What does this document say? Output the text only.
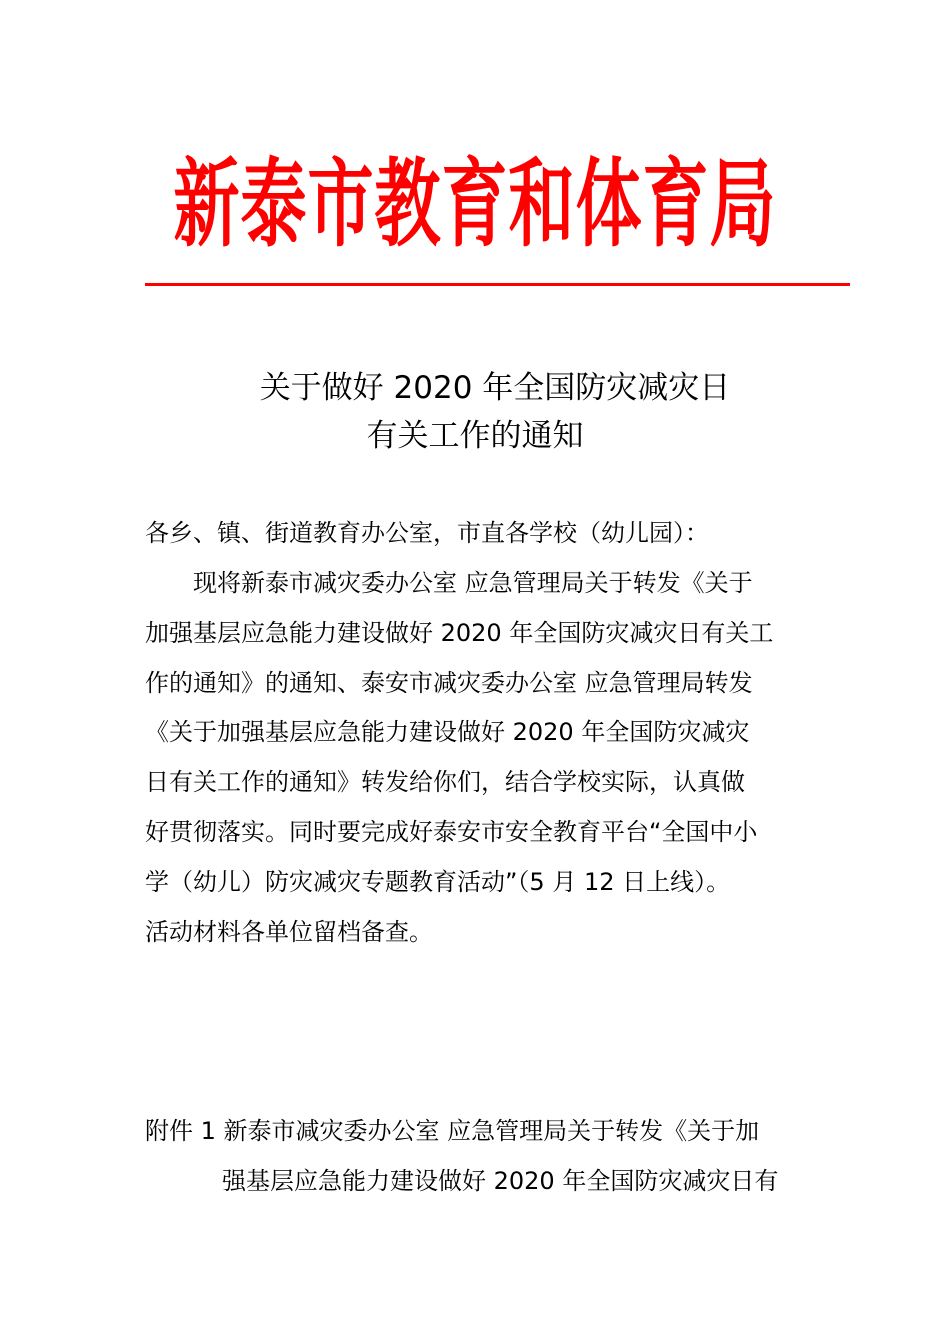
新泰市教育和体育局
关于做好 2020 年全国防灾减灾日
有关工作的通知
各乡、镇、街道教育办公室，市直各学校（幼儿园）：
现将新泰市减灾委办公室 应急管理局关于转发《关于
加强基层应急能力建设做好 2020 年全国防灾减灾日有关工
作的通知》的通知、泰安市减灾委办公室 应急管理局转发
《关于加强基层应急能力建设做好 2020 年全国防灾减灾
日有关工作的通知》转发给你们，结合学校实际，认真做
好贯彻落实。同时要完成好泰安市安全教育平台“全国中小
学（幼儿）防灾减灾专题教育活动”（5 月 12 日上线）。
活动材料各单位留档备查。
附件 1 新泰市减灾委办公室 应急管理局关于转发《关于加
强基层应急能力建设做好 2020 年全国防灾减灾日有
